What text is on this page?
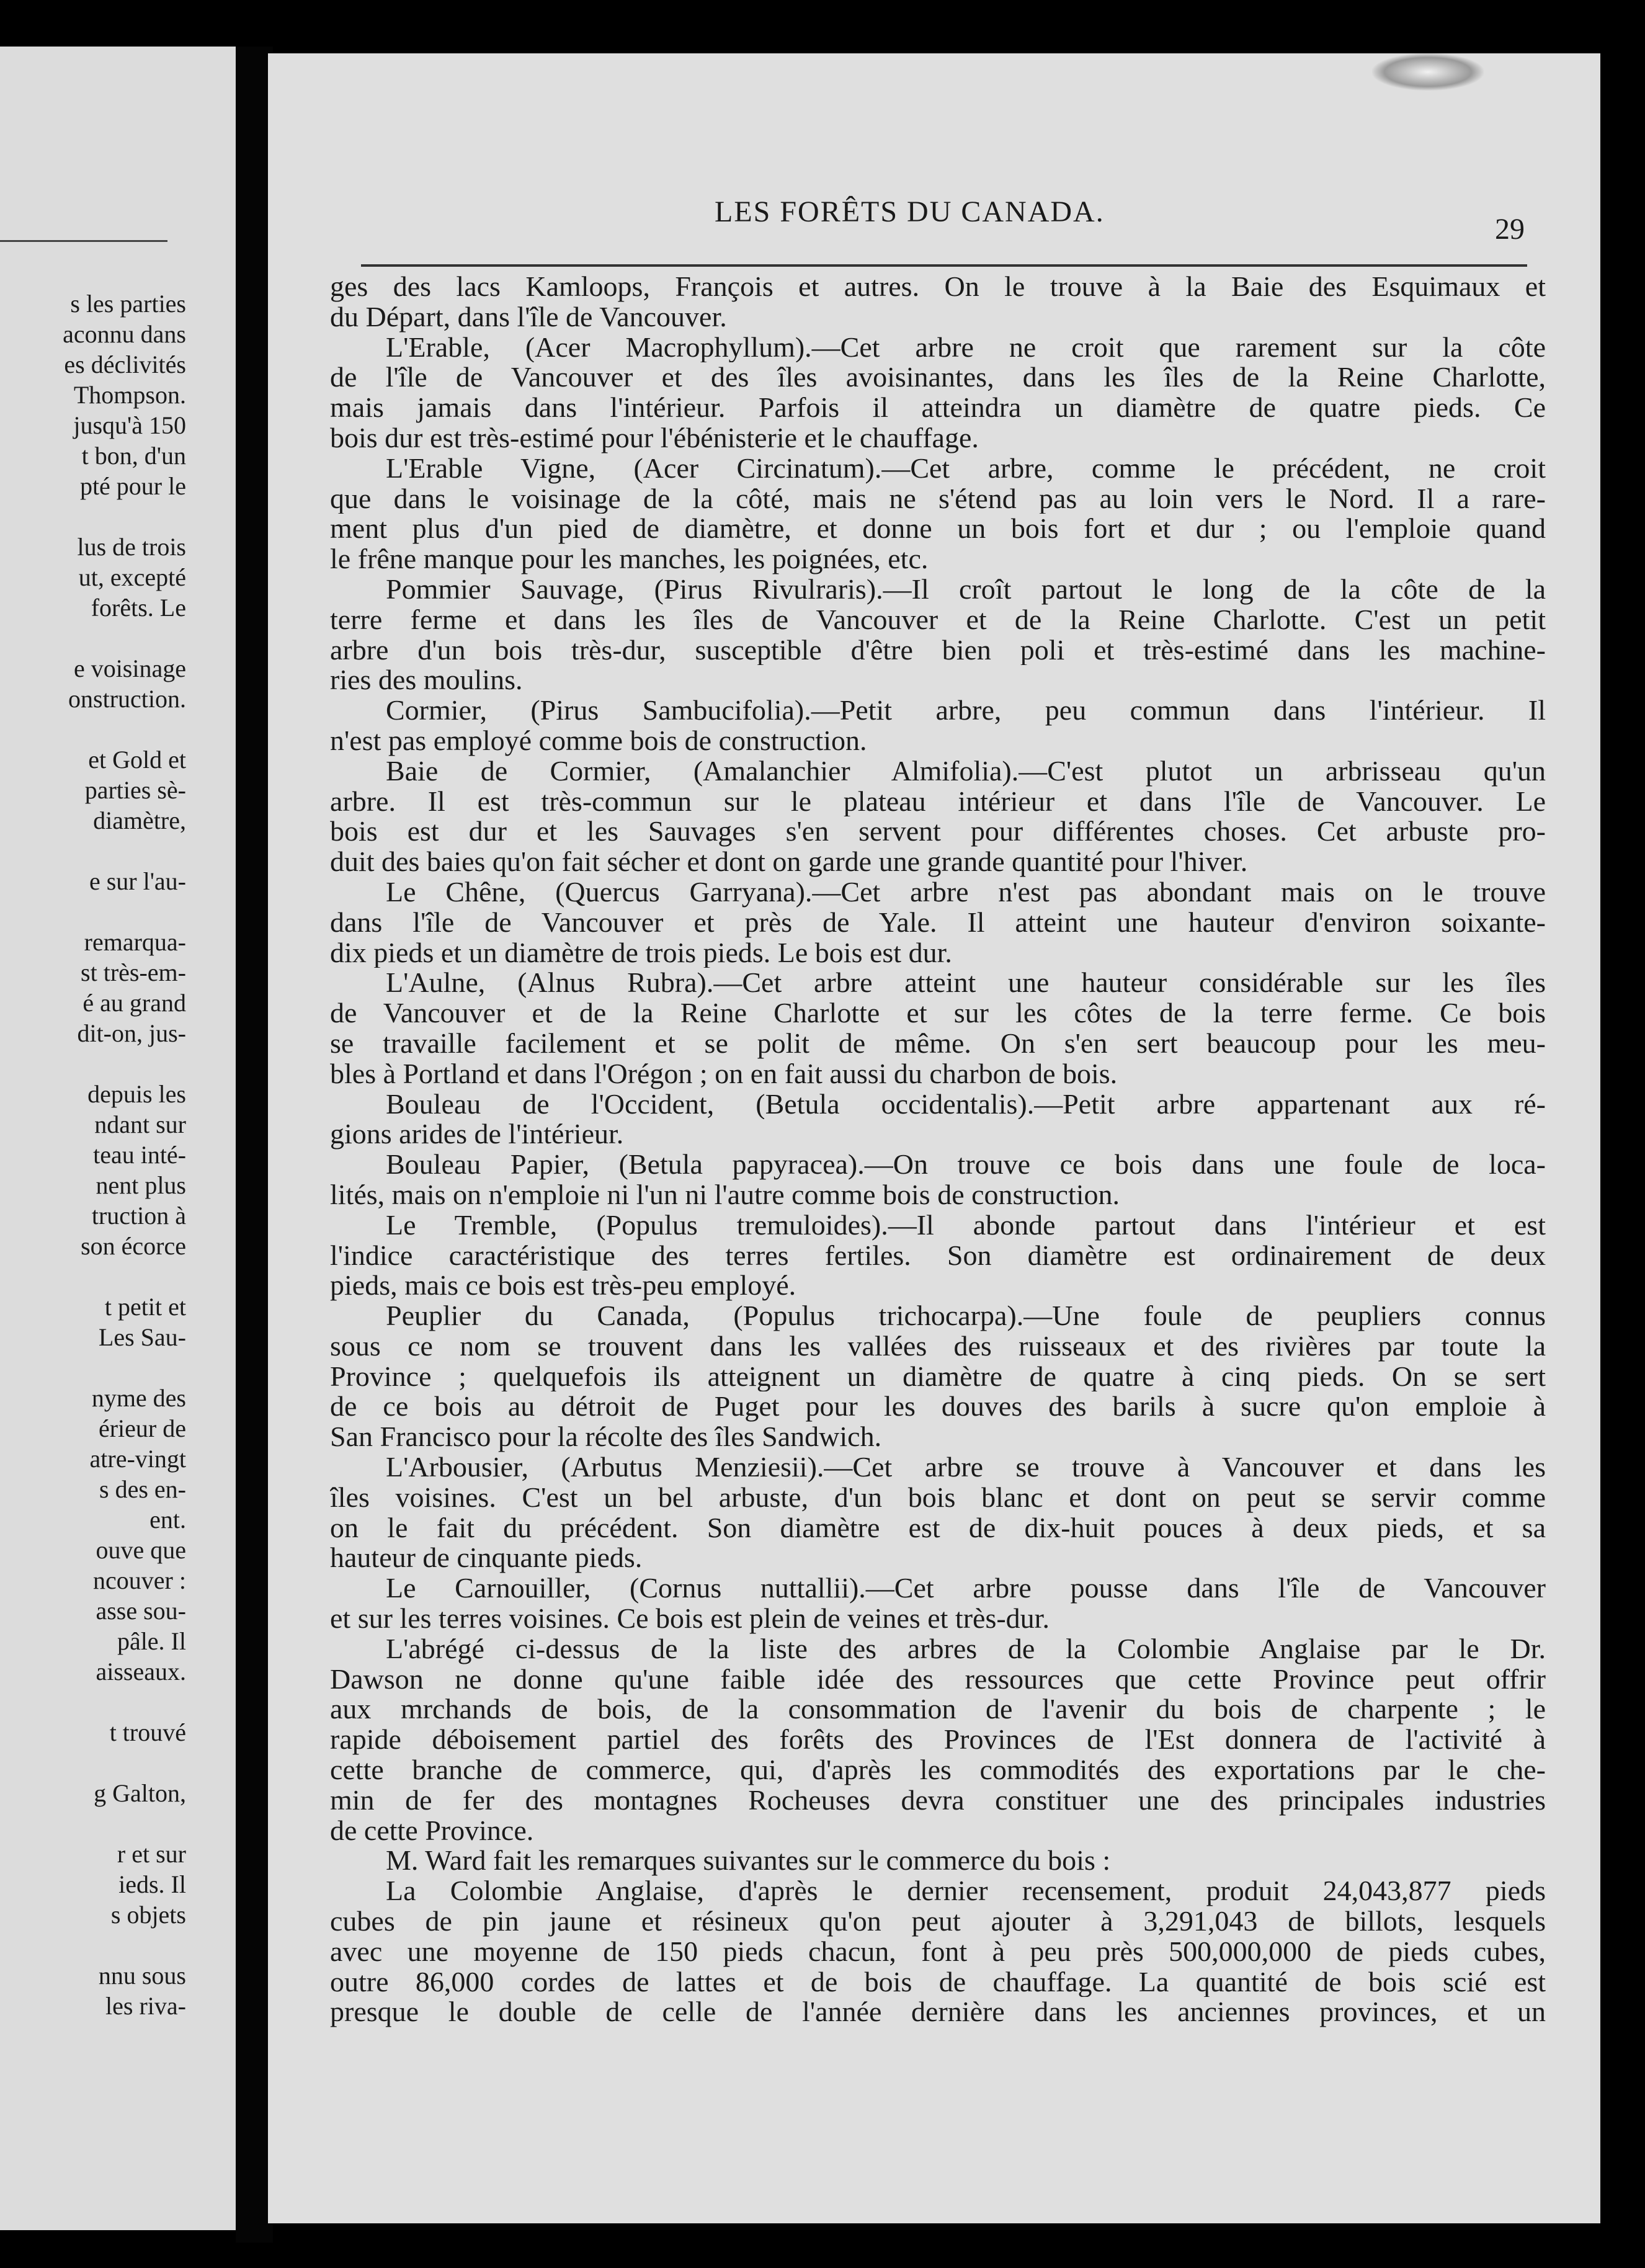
s les parties
aconnu dans
es déclivités
Thompson.
jusqu'à 150
t bon, d'un
pté pour le
lus de trois
ut, excepté
forêts. Le
e voisinage
onstruction.
et Gold et
parties sè-
diamètre,
e sur l'au-
remarqua-
st très-em-
é au grand
dit-on, jus-
depuis les
ndant sur
teau inté-
nent plus
truction à
son écorce
t petit et
Les Sau-
nyme des
érieur de
atre-vingt
s des en-
ent.
ouve que
ncouver :
asse sou-
pâle. Il
aisseaux.
t trouvé
g Galton,
r et sur
ieds. Il
s objets
nnu sous
les riva-
LES FORÊTS DU CANADA.
29
ges des lacs Kamloops, François et autres. On le trouve à la Baie des Esquimaux et
du Départ, dans l'île de Vancouver.
L'Erable, (Acer Macrophyllum).—Cet arbre ne croit que rarement sur la côte
de l'île de Vancouver et des îles avoisinantes, dans les îles de la Reine Charlotte,
mais jamais dans l'intérieur. Parfois il atteindra un diamètre de quatre pieds. Ce
bois dur est très-estimé pour l'ébénisterie et le chauffage.
L'Erable Vigne, (Acer Circinatum).—Cet arbre, comme le précédent, ne croit
que dans le voisinage de la côté, mais ne s'étend pas au loin vers le Nord. Il a rare-
ment plus d'un pied de diamètre, et donne un bois fort et dur ; ou l'emploie quand
le frêne manque pour les manches, les poignées, etc.
Pommier Sauvage, (Pirus Rivulraris).—Il croît partout le long de la côte de la
terre ferme et dans les îles de Vancouver et de la Reine Charlotte. C'est un petit
arbre d'un bois très-dur, susceptible d'être bien poli et très-estimé dans les machine-
ries des moulins.
Cormier, (Pirus Sambucifolia).—Petit arbre, peu commun dans l'intérieur. Il
n'est pas employé comme bois de construction.
Baie de Cormier, (Amalanchier Almifolia).—C'est plutot un arbrisseau qu'un
arbre. Il est très-commun sur le plateau intérieur et dans l'île de Vancouver. Le
bois est dur et les Sauvages s'en servent pour différentes choses. Cet arbuste pro-
duit des baies qu'on fait sécher et dont on garde une grande quantité pour l'hiver.
Le Chêne, (Quercus Garryana).—Cet arbre n'est pas abondant mais on le trouve
dans l'île de Vancouver et près de Yale. Il atteint une hauteur d'environ soixante-
dix pieds et un diamètre de trois pieds. Le bois est dur.
L'Aulne, (Alnus Rubra).—Cet arbre atteint une hauteur considérable sur les îles
de Vancouver et de la Reine Charlotte et sur les côtes de la terre ferme. Ce bois
se travaille facilement et se polit de même. On s'en sert beaucoup pour les meu-
bles à Portland et dans l'Orégon ; on en fait aussi du charbon de bois.
Bouleau de l'Occident, (Betula occidentalis).—Petit arbre appartenant aux ré-
gions arides de l'intérieur.
Bouleau Papier, (Betula papyracea).—On trouve ce bois dans une foule de loca-
lités, mais on n'emploie ni l'un ni l'autre comme bois de construction.
Le Tremble, (Populus tremuloides).—Il abonde partout dans l'intérieur et est
l'indice caractéristique des terres fertiles. Son diamètre est ordinairement de deux
pieds, mais ce bois est très-peu employé.
Peuplier du Canada, (Populus trichocarpa).—Une foule de peupliers connus
sous ce nom se trouvent dans les vallées des ruisseaux et des rivières par toute la
Province ; quelquefois ils atteignent un diamètre de quatre à cinq pieds. On se sert
de ce bois au détroit de Puget pour les douves des barils à sucre qu'on emploie à
San Francisco pour la récolte des îles Sandwich.
L'Arbousier, (Arbutus Menziesii).—Cet arbre se trouve à Vancouver et dans les
îles voisines. C'est un bel arbuste, d'un bois blanc et dont on peut se servir comme
on le fait du précédent. Son diamètre est de dix-huit pouces à deux pieds, et sa
hauteur de cinquante pieds.
Le Carnouiller, (Cornus nuttallii).—Cet arbre pousse dans l'île de Vancouver
et sur les terres voisines. Ce bois est plein de veines et très-dur.
L'abrégé ci-dessus de la liste des arbres de la Colombie Anglaise par le Dr.
Dawson ne donne qu'une faible idée des ressources que cette Province peut offrir
aux mrchands de bois, de la consommation de l'avenir du bois de charpente ; le
rapide déboisement partiel des forêts des Provinces de l'Est donnera de l'activité à
cette branche de commerce, qui, d'après les commodités des exportations par le che-
min de fer des montagnes Rocheuses devra constituer une des principales industries
de cette Province.
M. Ward fait les remarques suivantes sur le commerce du bois :
La Colombie Anglaise, d'après le dernier recensement, produit 24,043,877 pieds
cubes de pin jaune et résineux qu'on peut ajouter à 3,291,043 de billots, lesquels
avec une moyenne de 150 pieds chacun, font à peu près 500,000,000 de pieds cubes,
outre 86,000 cordes de lattes et de bois de chauffage. La quantité de bois scié est
presque le double de celle de l'année dernière dans les anciennes provinces, et un
